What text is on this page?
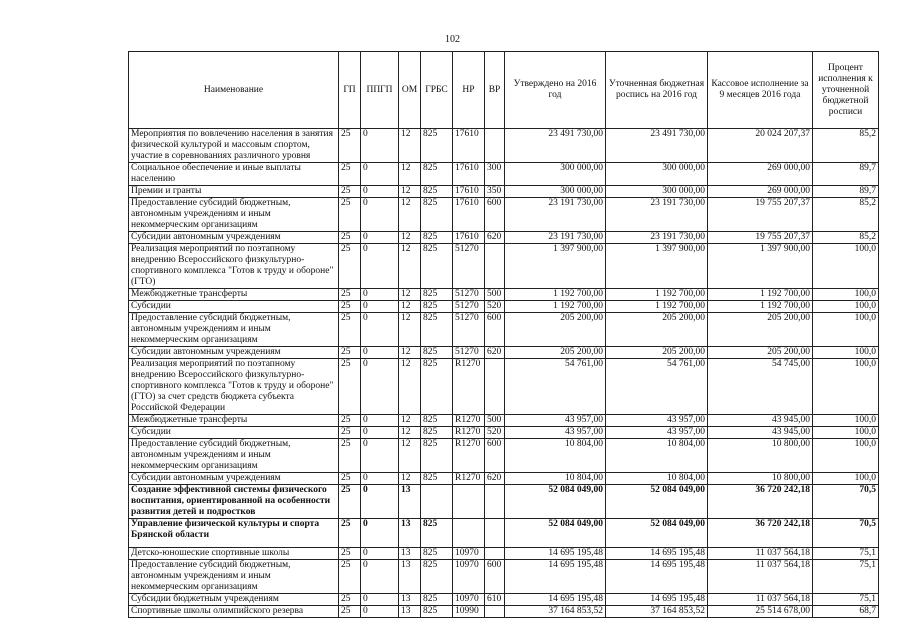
102
Наименование	ГП	ППГП	ОМ	ГРБС	НР	ВР	Утверждено на 2016 год	Уточненная бюджетная роспись на 2016 год	Кассовое исполнение за 9 месяцев 2016 года	Процент исполнения к уточненной бюджетной росписи
Мероприятия по вовлечению населения в занятия физической культурой и массовым спортом, участие в соревнованиях различного уровня	25	0	12	825	17610		23 491 730,00	23 491 730,00	20 024 207,37	85,2
Социальное обеспечение и иные выплаты населению	25	0	12	825	17610	300	300 000,00	300 000,00	269 000,00	89,7
Премии и гранты	25	0	12	825	17610	350	300 000,00	300 000,00	269 000,00	89,7
Предоставление субсидий бюджетным, автономным учреждениям и иным некоммерческим организациям	25	0	12	825	17610	600	23 191 730,00	23 191 730,00	19 755 207,37	85,2
Субсидии автономным учреждениям	25	0	12	825	17610	620	23 191 730,00	23 191 730,00	19 755 207,37	85,2
Реализация мероприятий по поэтапному внедрению Всероссийского физкультурно-спортивного комплекса "Готов к труду и обороне" (ГТО)	25	0	12	825	51270		1 397 900,00	1 397 900,00	1 397 900,00	100,0
Межбюджетные трансферты	25	0	12	825	51270	500	1 192 700,00	1 192 700,00	1 192 700,00	100,0
Субсидии	25	0	12	825	51270	520	1 192 700,00	1 192 700,00	1 192 700,00	100,0
Предоставление субсидий бюджетным, автономным учреждениям и иным некоммерческим организациям	25	0	12	825	51270	600	205 200,00	205 200,00	205 200,00	100,0
Субсидии автономным учреждениям	25	0	12	825	51270	620	205 200,00	205 200,00	205 200,00	100,0
Реализация мероприятий по поэтапному внедрению Всероссийского физкультурно-спортивного комплекса "Готов к труду и обороне" (ГТО) за счет средств бюджета субъекта Российской Федерации	25	0	12	825	R1270		54 761,00	54 761,00	54 745,00	100,0
Межбюджетные трансферты	25	0	12	825	R1270	500	43 957,00	43 957,00	43 945,00	100,0
Субсидии	25	0	12	825	R1270	520	43 957,00	43 957,00	43 945,00	100,0
Предоставление субсидий бюджетным, автономным учреждениям и иным некоммерческим организациям	25	0	12	825	R1270	600	10 804,00	10 804,00	10 800,00	100,0
Субсидии автономным учреждениям	25	0	12	825	R1270	620	10 804,00	10 804,00	10 800,00	100,0
Создание эффективной системы физического воспитания, ориентированной на особенности развития детей и подростков	25	0	13				52 084 049,00	52 084 049,00	36 720 242,18	70,5
Управление физической культуры и спорта Брянской области	25	0	13	825			52 084 049,00	52 084 049,00	36 720 242,18	70,5
Детско-юношеские спортивные школы	25	0	13	825	10970		14 695 195,48	14 695 195,48	11 037 564,18	75,1
Предоставление субсидий бюджетным, автономным учреждениям и иным некоммерческим организациям	25	0	13	825	10970	600	14 695 195,48	14 695 195,48	11 037 564,18	75,1
Субсидии бюджетным учреждениям	25	0	13	825	10970	610	14 695 195,48	14 695 195,48	11 037 564,18	75,1
Спортивные школы олимпийского резерва	25	0	13	825	10990		37 164 853,52	37 164 853,52	25 514 678,00	68,7
